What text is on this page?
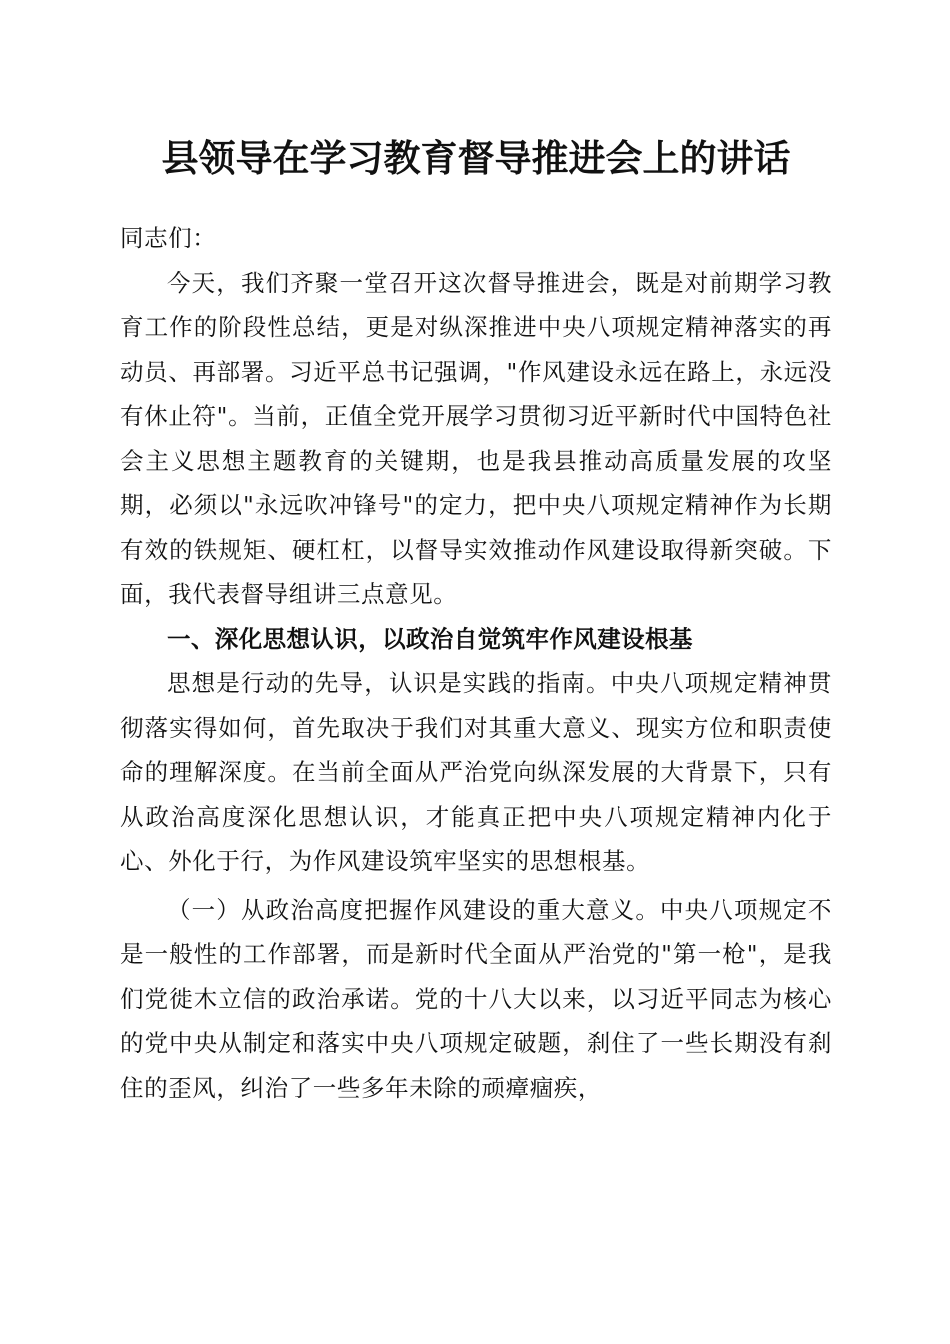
县领导在学习教育督导推进会上的讲话

同志们：

今天，我们齐聚一堂召开这次督导推进会，既是对前期学习教育工作的阶段性总结，更是对纵深推进中央八项规定精神落实的再动员、再部署。习近平总书记强调，"作风建设永远在路上，永远没有休止符"。当前，正值全党开展学习贯彻习近平新时代中国特色社会主义思想主题教育的关键期，也是我县推动高质量发展的攻坚期，必须以"永远吹冲锋号"的定力，把中央八项规定精神作为长期有效的铁规矩、硬杠杠，以督导实效推动作风建设取得新突破。下面，我代表督导组讲三点意见。

一、深化思想认识，以政治自觉筑牢作风建设根基

思想是行动的先导，认识是实践的指南。中央八项规定精神贯彻落实得如何，首先取决于我们对其重大意义、现实方位和职责使命的理解深度。在当前全面从严治党向纵深发展的大背景下，只有从政治高度深化思想认识，才能真正把中央八项规定精神内化于心、外化于行，为作风建设筑牢坚实的思想根基。

（一）从政治高度把握作风建设的重大意义。中央八项规定不是一般性的工作部署，而是新时代全面从严治党的"第一枪"，是我们党徙木立信的政治承诺。党的十八大以来，以习近平同志为核心的党中央从制定和落实中央八项规定破题，刹住了一些长期没有刹住的歪风，纠治了一些多年未除的顽瘴痼疾，
